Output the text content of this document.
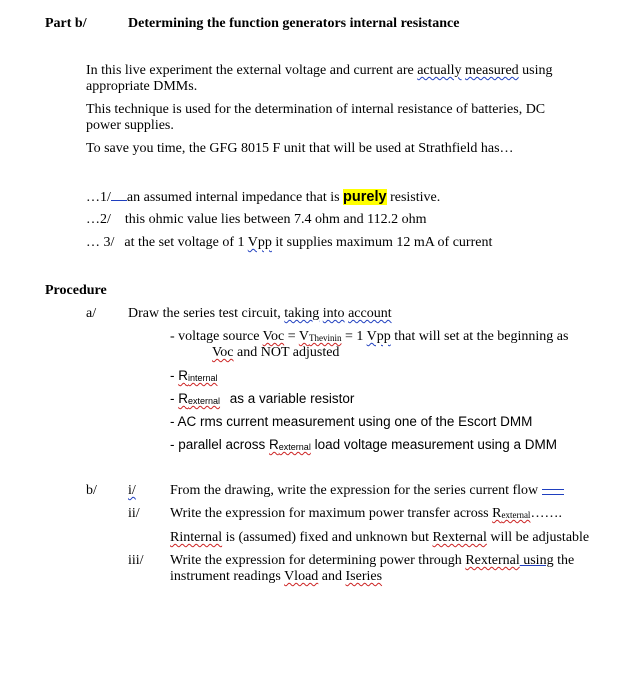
Part b/	Determining the function generators internal resistance
In this live experiment the external voltage and current are actually measured using
appropriate DMMs.
This technique is used for the determination of internal resistance of batteries, DC
power supplies.
To save you time, the GFG 8015 F unit that will be used at Strathfield has…
…1/ an assumed internal impedance that is purely resistive.
…2/ this ohmic value lies between 7.4 ohm and 112.2 ohm
… 3/ at the set voltage of 1 Vpp it supplies maximum 12 mA of current
Procedure
a/ Draw the series test circuit, taking into account
- voltage source Voc = VThevinin = 1 Vpp that will set at the beginning as
Voc and NOT adjusted
- Rinternal
- Rexternal as a variable resistor
- AC rms current measurement using one of the Escort DMM
- parallel across Rexternal load voltage measurement using a DMM
b/ i/ From the drawing, write the expression for the series current flow
ii/ Write the expression for maximum power transfer across Rexternal…….
Rinternal is (assumed) fixed and unknown but Rexternal will be adjustable
iii/ Write the expression for determining power through Rexternal using the
instrument readings Vload and Iseries
